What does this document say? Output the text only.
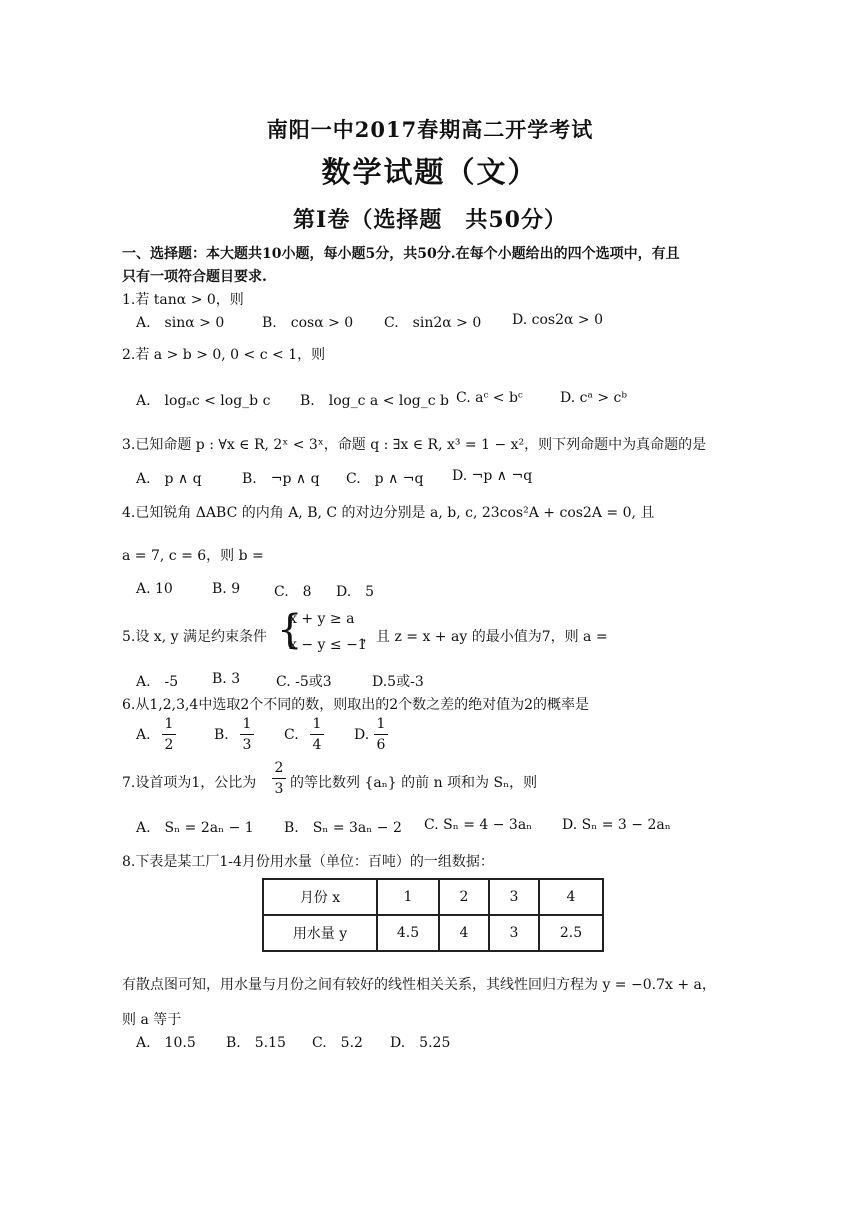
南阳一中2017春期高二开学考试
数学试题（文）
第Ⅰ卷（选择题　共50分）
一、选择题：本大题共10小题，每小题5分，共50分.在每个小题给出的四个选项中，有且
只有一项符合题目要求.
1.若 tanα > 0，则
A.　sinα > 0	B.　cosα > 0 C.　sin2α > 0 D. cos2α > 0
2.若 a > b > 0, 0 < c < 1，则
A.　logₐc < log_b c B.　log_c a < log_c b C. aᶜ < bᶜ	D. cᵃ > cᵇ
3.已知命题 p : ∀x ∈ R, 2ˣ < 3ˣ，命题 q : ∃x ∈ R, x³ = 1 − x²，则下列命题中为真命题的是
A.　p ∧ q	B.　¬p ∧ q C.　p ∧ ¬q D. ¬p ∧ ¬q
4.已知锐角 ΔABC 的内角 A, B, C 的对边分别是 a, b, c, 23cos²A + cos2A = 0, 且
a = 7, c = 6，则 b =
A. 10	B. 9 C.　8 D.　5
5.设 x, y 满足约束条件 {
x + y ≥ a
x − y ≤ −1
，且 z = x + ay 的最小值为7，则 a =
A.　-5 B. 3	C. -5或3	D.5或-3
6.从1,2,3,4中选取2个不同的数，则取出的2个数之差的绝对值为2的概率是
A.
1
2
B.
1
3
C.
1
4
D.
1
6
7.设首项为1，公比为
2
3 的等比数列 {aₙ} 的前 n 项和为 Sₙ，则
A.　Sₙ = 2aₙ − 1 B.　Sₙ = 3aₙ − 2 C. Sₙ = 4 − 3aₙ D. Sₙ = 3 − 2aₙ
8.下表是某工厂1-4月份用水量（单位：百吨）的一组数据：
月份 x	1	2	3	4
用水量 y	4.5	4	3	2.5
有散点图可知，用水量与月份之间有较好的线性相关关系，其线性回归方程为 y = −0.7x + a，
则 a 等于
A.　10.5 B.　5.15 C.　5.2 D.　5.25
